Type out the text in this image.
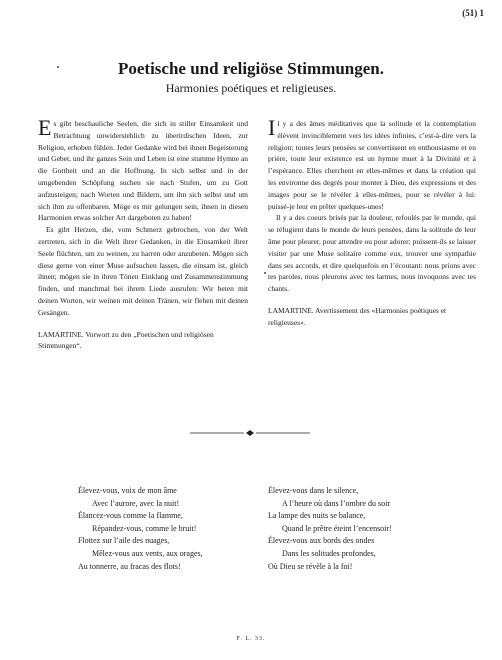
(51) 1
Poetische und religiöse Stimmungen.
Harmonies poétiques et religieuses.

Es gibt beschauliche Seelen, die sich in stiller Einsamkeit und Betrachtung unwiderstehlich zu überirdischen Ideen, zur Religion, erhoben fühlen. Jeder Gedanke wird bei ihnen Begeisterung und Gebet, und ihr ganzes Sein und Leben ist eine stumme Hymne an die Gottheit und an die Hoffnung. In sich selbst und in der umgebenden Schöpfung suchen sie nach Stufen, um zu Gott aufzusteigen; nach Worten und Bildern, um ihn sich selbst und um sich ihm zu offenbaren. Möge es mir gelungen sein, ihnen in diesen Harmonien etwas solcher Art dargeboten zu haben!

Es gibt Herzen, die, vom Schmerz gebrochen, von der Welt zertreten, sich in die Welt ihrer Gedanken, in die Einsamkeit ihrer Seele flüchten, um zu weinen, zu harren oder anzubeten. Mögen sich diese gerne von einer Muse aufsuchen lassen, die einsam ist, gleich ihnen; mögen sie in ihren Tönen Einklang und Zusammenstimmung finden, und manchmal bei ihrem Liede ausrufen: Wir beten mit deinen Worten, wir weinen mit deinen Tränen, wir flehen mit deinen Gesängen.

LAMARTINE. Vorwort zu den „Poetischen und religiösen Stimmungen“.

Il y a des âmes méditatives que la solitude et la contemplation élèvent invinciblement vers les idées infinies, c’est-à-dire vers la religion; toutes leurs pensées se convertissent en enthousiasme et en prière, toute leur existence est un hymne muet à la Divinité et à l’espérance. Elles cherchent en elles-mêmes et dans la création qui les environne des degrés pour monter à Dieu, des expressions et des images pour se le révéler à elles-mêmes, pour se révéler à lui: puissé-je leur en prêter quelques-unes!

Il y a des coeurs brisés par la douleur, refoulés par le monde, qui se réfugient dans le monde de leurs pensées, dans la solitude de leur âme pour pleurer, pour attendre ou pour adorer; puissent-ils se laisser visiter par une Muse solitaire comme eux, trouver une sympathie dans ses accords, et dire quelquefois en l’écoutant: nous prions avec tes paroles, nous pleurons avec tes larmes, nous invoquons avec tes chants.

LAMARTINE. Avertissement des «Harmonies poétiques et religieuses».

Élevez-vous, voix de mon âme
Avec l’aurore, avec la nuit!
Élancez-vous comme la flamme,
Répandez-vous, comme le bruit!
Flottez sur l’aile des nuages,
Mêlez-vous aux vents, aux orages,
Au tonnerre, au fracas des flots!
Élevez-vous dans le silence,
A l’heure où dans l’ombre du soir
La lampe des nuits se balance,
Quand le prêtre éteint l’encensoir!
Élevez-vous aux bords des ondes
Dans les solitudes profondes,
Où Dieu se révèle à la foi!
F. L. 33.
